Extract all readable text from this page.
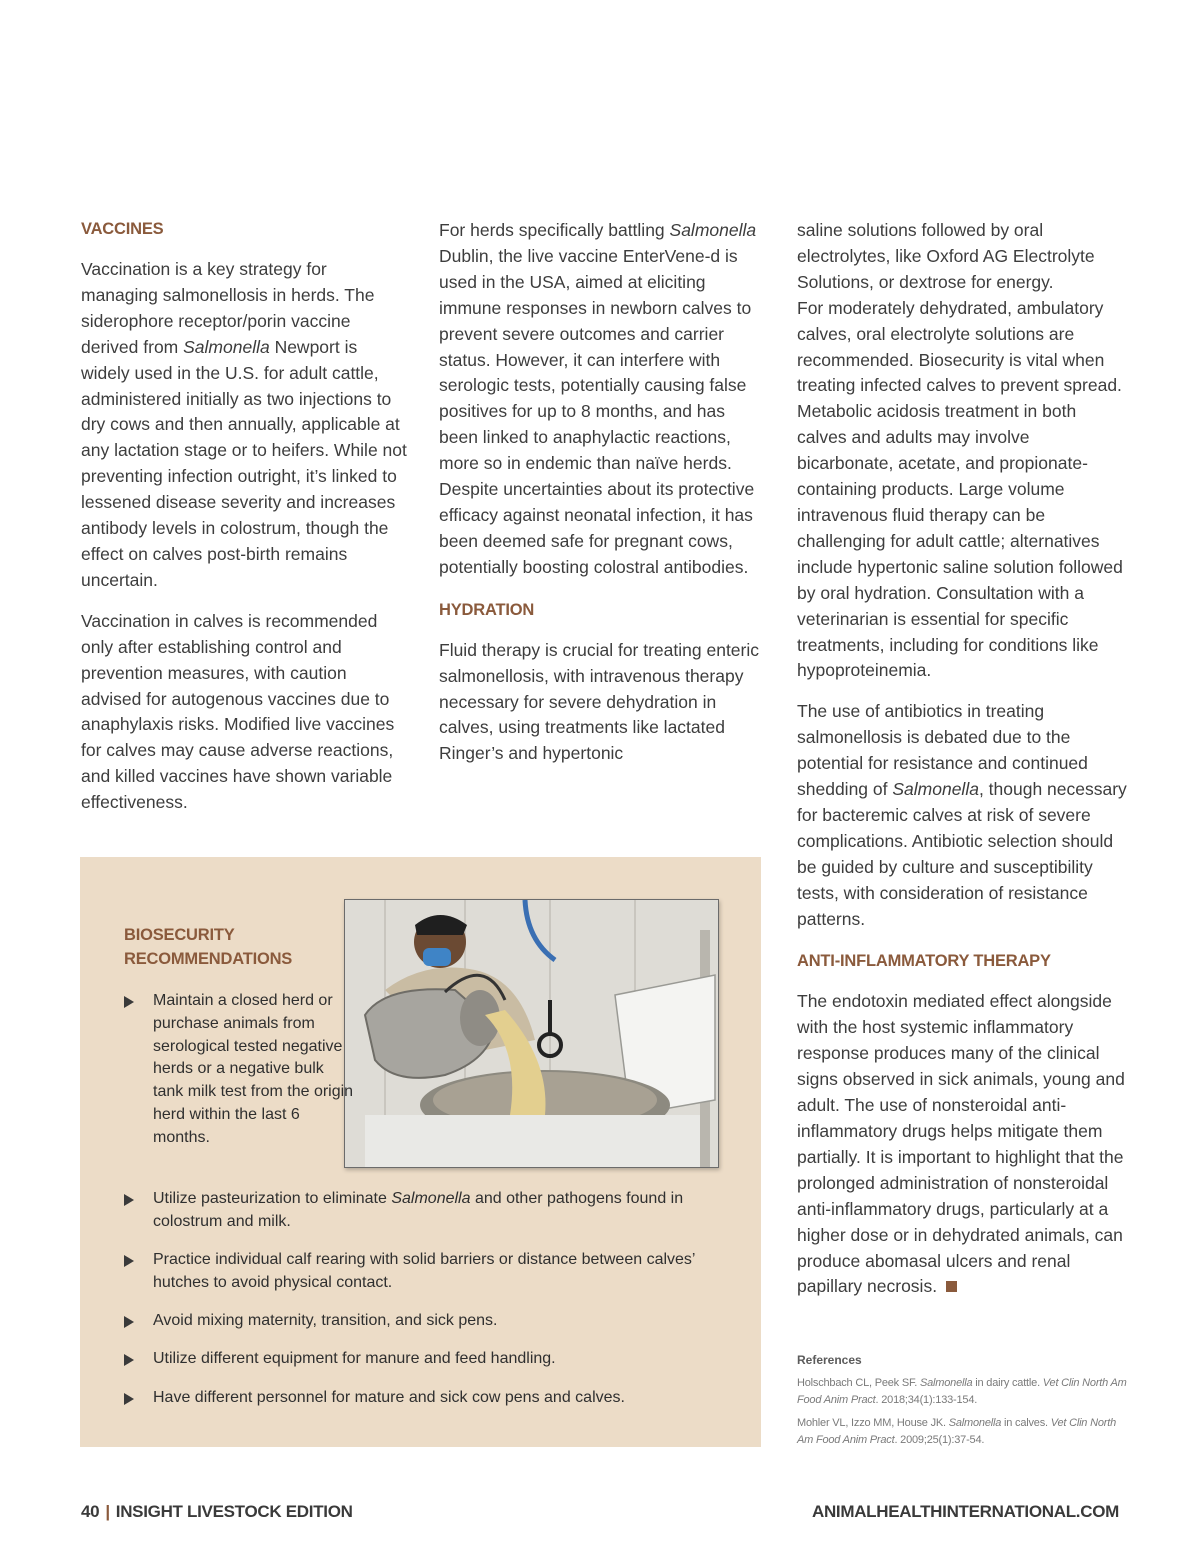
VACCINES

Vaccination is a key strategy for managing salmonellosis in herds. The siderophore receptor/porin vaccine derived from Salmonella Newport is widely used in the U.S. for adult cattle, administered initially as two injections to dry cows and then annually, applicable at any lactation stage or to heifers. While not preventing infection outright, it’s linked to lessened disease severity and increases antibody levels in colostrum, though the effect on calves post-birth remains uncertain.

Vaccination in calves is recommended only after establishing control and prevention measures, with caution advised for autogenous vaccines due to anaphylaxis risks. Modified live vaccines for calves may cause adverse reactions, and killed vaccines have shown variable effectiveness.

For herds specifically battling Salmonella Dublin, the live vaccine EnterVene-d is used in the USA, aimed at eliciting immune responses in newborn calves to prevent severe outcomes and carrier status. However, it can interfere with serologic tests, potentially causing false positives for up to 8 months, and has been linked to anaphylactic reactions, more so in endemic than naïve herds. Despite uncertainties about its protective efficacy against neonatal infection, it has been deemed safe for pregnant cows, potentially boosting colostral antibodies.

HYDRATION

Fluid therapy is crucial for treating enteric salmonellosis, with intravenous therapy necessary for severe dehydration in calves, using treatments like lactated Ringer’s and hypertonic

saline solutions followed by oral electrolytes, like Oxford AG Electrolyte Solutions, or dextrose for energy.

For moderately dehydrated, ambulatory calves, oral electrolyte solutions are recommended. Biosecurity is vital when treating infected calves to prevent spread. Metabolic acidosis treatment in both calves and adults may involve bicarbonate, acetate, and propionate-containing products. Large volume intravenous fluid therapy can be challenging for adult cattle; alternatives include hypertonic saline solution followed by oral hydration. Consultation with a veterinarian is essential for specific treatments, including for conditions like hypoproteinemia.

The use of antibiotics in treating salmonellosis is debated due to the potential for resistance and continued shedding of Salmonella, though necessary for bacteremic calves at risk of severe complications. Antibiotic selection should be guided by culture and susceptibility tests, with consideration of resistance patterns.

ANTI-INFLAMMATORY THERAPY

The endotoxin mediated effect alongside with the host systemic inflammatory response produces many of the clinical signs observed in sick animals, young and adult. The use of nonsteroidal anti-inflammatory drugs helps mitigate them partially. It is important to highlight that the prolonged administration of nonsteroidal anti-inflammatory drugs, particularly at a higher dose or in dehydrated animals, can produce abomasal ulcers and renal papillary necrosis.

BIOSECURITY
RECOMMENDATIONS
Maintain a closed herd or purchase animals from serological tested negative herds or a negative bulk tank milk test from the origin herd within the last 6 months.
Utilize pasteurization to eliminate Salmonella and other pathogens found in colostrum and milk.
Practice individual calf rearing with solid barriers or distance between calves’ hutches to avoid physical contact.
Avoid mixing maternity, transition, and sick pens.
Utilize different equipment for manure and feed handling.
Have different personnel for mature and sick cow pens and calves.
References

Holschbach CL, Peek SF. Salmonella in dairy cattle. Vet Clin North Am Food Anim Pract. 2018;34(1):133-154.

Mohler VL, Izzo MM, House JK. Salmonella in calves. Vet Clin North Am Food Anim Pract. 2009;25(1):37-54.

40 | INSIGHT LIVESTOCK EDITION	ANIMALHEALTHINTERNATIONAL.COM
